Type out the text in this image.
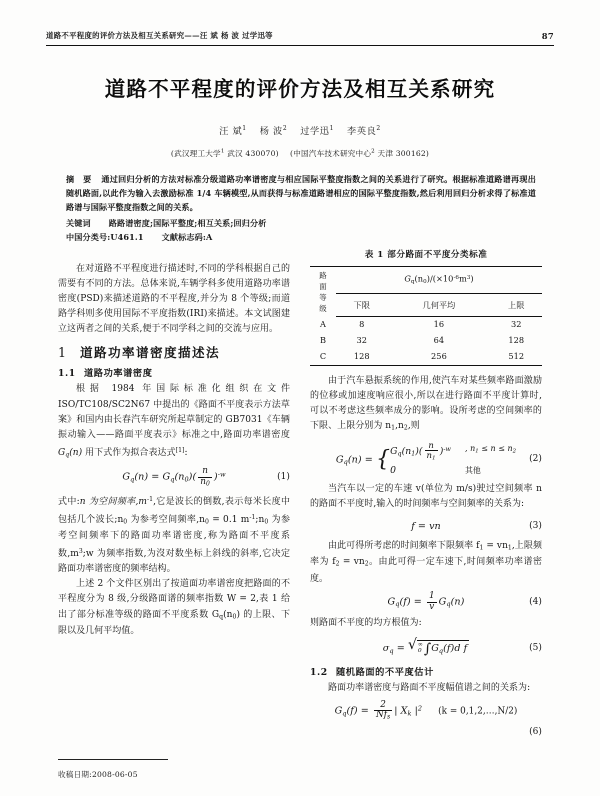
道路不平程度的评价方法及相互关系研究——汪 斌 杨 波 过学迅等	87
道路不平程度的评价方法及相互关系研究
汪 斌$^1$ 杨 波$^2$ 过学迅$^1$ 李英良$^2$
(武汉理工大学$^1$ 武汉 430070) (中国汽车技术研究中心$^2$ 天津 300162)
摘 要 通过回归分析的方法对标准分级道路功率谱密度与相应国际平整度指数之间的关系进行了研究。根据标准道路谱再现出随机路面,以此作为输入去激励标准 1/4 车辆模型,从而获得与标准道路谱相应的国际平整度指数,然后利用回归分析求得了标准道路谱与国际平整度指数之间的关系。
关键词 路路谱密度;国际平整度;相互关系;回归分析
中国分类号:U461.1 文献标志码:A

在对道路不平程度进行描述时,不同的学科根据自己的需要有不同的方法。总体来说,车辆学科多使用道路功率谱密度(PSD)来描述道路的不平程度,并分为 8 个等级;而道路学科则多使用国际不平度指数(IRI)来描述。本文试图建立这两者之间的关系,便于不同学科之间的交流与应用。

1 道路功率谱密度描述法
1.1 道路功率谱密度

根据 1984 年国际标准化组织在文件 ISO/TC108/SC2N67 中提出的《路面不平度表示方法草案》和国内由长春汽车研究所起草制定的 GB7031《车辆振动输入——路面平度表示》标准之中,路面功率谱密度$G_q(n)$ 用下式作为拟合表达式[1]:

$G_q(n) = G_q(n_0)( \frac{n}{n_0} )^{-w}$	(1)

式中:n 为空间频率$,m^{-1}$,它是波长的倒数,表示每米长度中包括几个波长$;n_0$ 为参考空间频率$,n_0 = 0.1$ $m^{-1};n_0$ 为参考空间频率下的路面功率谱密度,称为路面不平度系数$,m^3;w$ 为频率指数,为沒对数坐标上斜线的斜率,它决定路面功率谱密度的频率结构。

上述 2 个文件区别出了按道面功率谱密度把路面的不平程度分为 8 级,分级路面谱的频率指数 W = 2,表 1 给出了部分标准等级的路面不平度系数 $G_q(n_0)$ 的上限、下限以及几何平均值。

表 1 部分路面不平度分类标准
路
面
等
级	$G_q(n_0)/(\times 10^{-6}m^3)$		
	下限	几何平均	上限
A	8	16	32
B	32	64	128
C	128	256	512

由于汽车悬振系统的作用,使汽车对某些频率路面激励的位移或加速度响应很小,所以在进行路面不平度计算时,可以不考虑这些频率成分的影响。设所考虑的空间频率的下限、上限分别为 $n_1,n_2$,则

$G_q(n)$ = { $G_q(n_1)( \frac{n}{n_1} )^{-w}$ , $n_1 \le n \le n_2$
0	其他
(2)

当汽车以一定的车速 v(单位为 m/s)驶过空间频率 n 的路面不平度时,输入的时间频率与空间频率的关系为:

f = vn	(3)

由此可得所考虑的时间频率下限频率 $f_1 = vn_1$,上限频率为 $f_2 = vn_2$。由此可得一定车速下,时间频率功率谱密度。

$G_q(f) = \frac{1}{v} G_q(n)$	(4)

则路面不平度的均方根值为:

$\sigma_q$ = √ ∞
0 $\int G_q(f)d$ f	(5)
1.2 随机路面的不平度估计

路面功率谱密度与路面不平度幅值谱之间的关系为:

$G_q(f) = \frac{2}{Nf_s}$ | $X_k$ $|^2$ (k = 0,1,2,…,N/2)
(6)
收稿日期:2008-06-05
